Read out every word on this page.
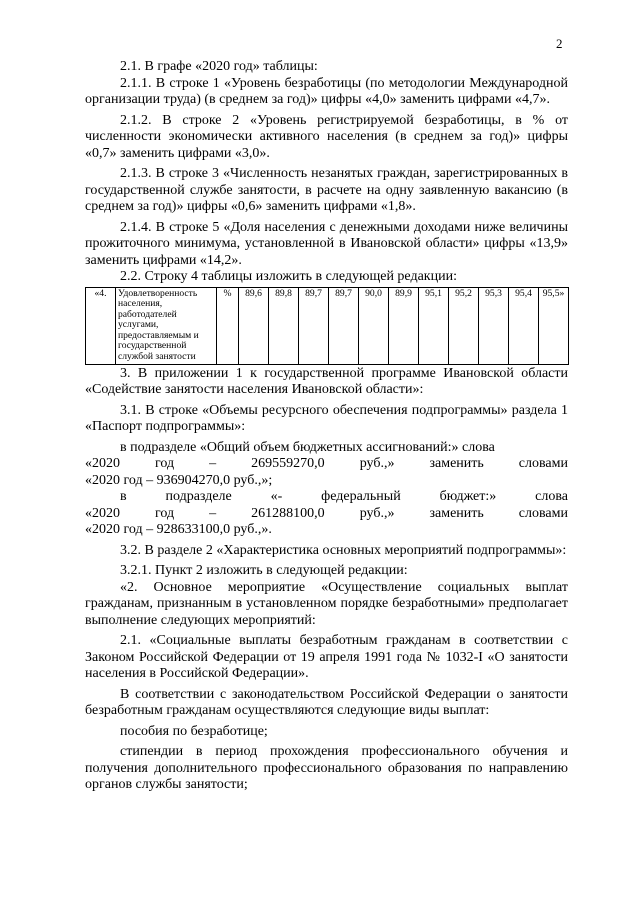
2

2.1. В графе «2020 год» таблицы:

2.1.1. В строке 1 «Уровень безработицы (по методологии Международной организации труда) (в среднем за год)» цифры «4,0» заменить цифрами «4,7».

2.1.2. В строке 2 «Уровень регистрируемой безработицы, в % от численности экономически активного населения (в среднем за год)» цифры «0,7» заменить цифрами «3,0».

2.1.3. В строке 3 «Численность незанятых граждан, зарегистрированных в государственной службе занятости, в расчете на одну заявленную вакансию (в среднем за год)» цифры «0,6» заменить цифрами «1,8».

2.1.4. В строке 5 «Доля населения с денежными доходами ниже величины прожиточного минимума, установленной в Ивановской области» цифры «13,9» заменить цифрами «14,2».

2.2. Строку 4 таблицы изложить в следующей редакции:

«4.	Удовлетворенность населения, работодателей услугами, предоставляемым и государственной службой занятости	%	89,6	89,8	89,7	89,7	90,0	89,9	95,1	95,2	95,3	95,4	95,5»

3. В приложении 1 к государственной программе Ивановской области «Содействие занятости населения Ивановской области»:

3.1. В строке «Объемы ресурсного обеспечения подпрограммы» раздела 1 «Паспорт подпрограммы»:

в подразделе «Общий объем бюджетных ассигнований:» слова

«2020 год – 269559270,0 руб.,» заменить словами

«2020 год – 936904270,0 руб.,»;

в подразделе «- федеральный бюджет:» слова

«2020 год – 261288100,0 руб.,» заменить словами

«2020 год – 928633100,0 руб.,».

3.2. В разделе 2 «Характеристика основных мероприятий подпрограммы»:

3.2.1. Пункт 2 изложить в следующей редакции:

«2. Основное мероприятие «Осуществление социальных выплат гражданам, признанным в установленном порядке безработными» предполагает выполнение следующих мероприятий:

2.1. «Социальные выплаты безработным гражданам в соответствии с Законом Российской Федерации от 19 апреля 1991 года № 1032-I «О занятости населения в Российской Федерации».

В соответствии с законодательством Российской Федерации о занятости безработным гражданам осуществляются следующие виды выплат:

пособия по безработице;

стипендии в период прохождения профессионального обучения и получения дополнительного профессионального образования по направлению органов службы занятости;
